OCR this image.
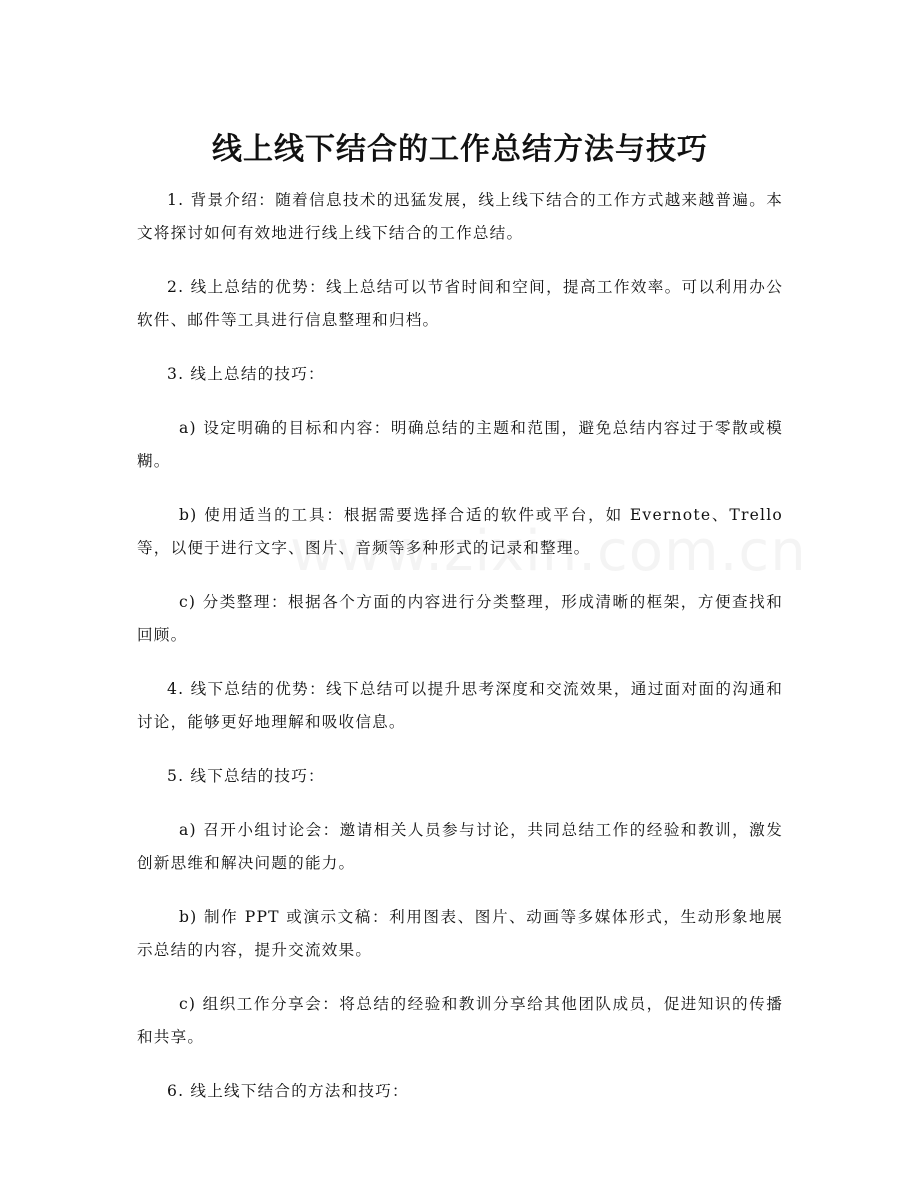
线上线下结合的工作总结方法与技巧

1. 背景介绍：随着信息技术的迅猛发展，线上线下结合的工作方式越来越普遍。本文将探讨如何有效地进行线上线下结合的工作总结。

2. 线上总结的优势：线上总结可以节省时间和空间，提高工作效率。可以利用办公软件、邮件等工具进行信息整理和归档。

3. 线上总结的技巧：

a) 设定明确的目标和内容：明确总结的主题和范围，避免总结内容过于零散或模糊。

b) 使用适当的工具：根据需要选择合适的软件或平台，如 Evernote、Trello 等，以便于进行文字、图片、音频等多种形式的记录和整理。

c) 分类整理：根据各个方面的内容进行分类整理，形成清晰的框架，方便查找和回顾。

4. 线下总结的优势：线下总结可以提升思考深度和交流效果，通过面对面的沟通和讨论，能够更好地理解和吸收信息。

5. 线下总结的技巧：

a) 召开小组讨论会：邀请相关人员参与讨论，共同总结工作的经验和教训，激发创新思维和解决问题的能力。

b) 制作 PPT 或演示文稿：利用图表、图片、动画等多媒体形式，生动形象地展示总结的内容，提升交流效果。

c) 组织工作分享会：将总结的经验和教训分享给其他团队成员，促进知识的传播和共享。

6. 线上线下结合的方法和技巧：
